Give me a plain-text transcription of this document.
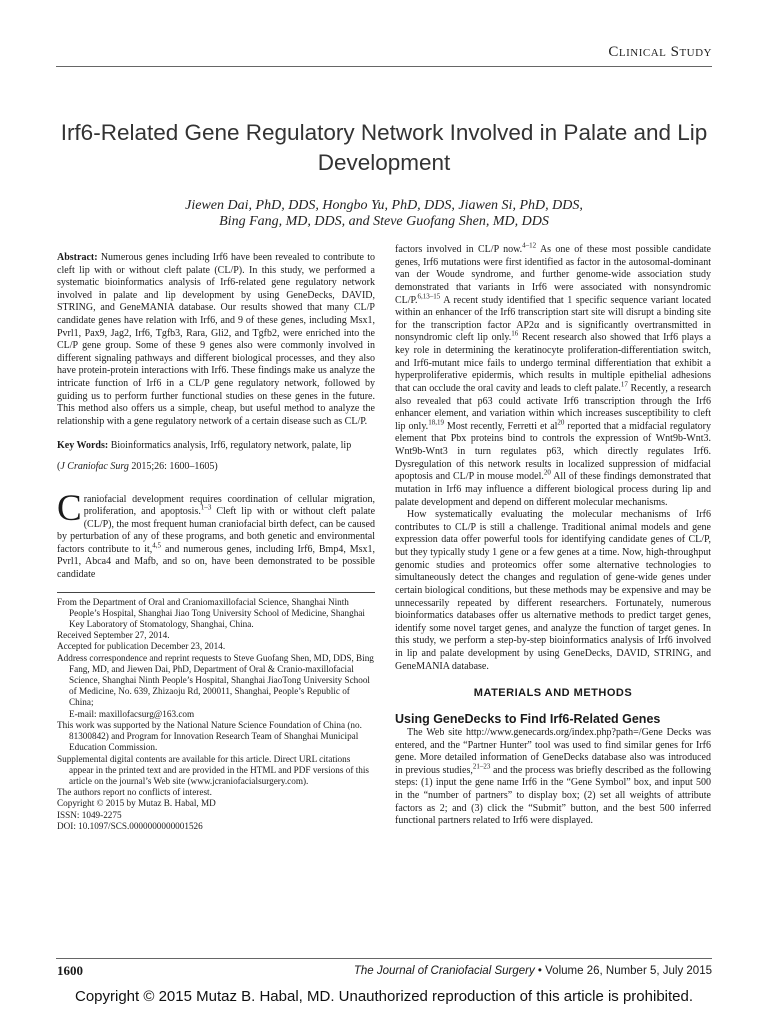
Clinical Study
Irf6-Related Gene Regulatory Network Involved in Palate and Lip Development
Jiewen Dai, PhD, DDS, Hongbo Yu, PhD, DDS, Jiawen Si, PhD, DDS,
Bing Fang, MD, DDS, and Steve Guofang Shen, MD, DDS

Abstract: Numerous genes including Irf6 have been revealed to contribute to cleft lip with or without cleft palate (CL/P). In this study, we performed a systematic bioinformatics analysis of Irf6-related gene regulatory network involved in palate and lip development by using GeneDecks, DAVID, STRING, and GeneMANIA database. Our results showed that many CL/P candidate genes have relation with Irf6, and 9 of these genes, including Msx1, Pvrl1, Pax9, Jag2, Irf6, Tgfb3, Rara, Gli2, and Tgfb2, were enriched into the CL/P gene group. Some of these 9 genes also were commonly involved in different signaling pathways and different biological processes, and they also have protein-protein interactions with Irf6. These findings make us analyze the intricate function of Irf6 in a CL/P gene regulatory network, followed by guiding us to perform further functional studies on these genes in the future. This method also offers us a simple, cheap, but useful method to analyze the relationship with a gene regulatory network of a certain disease such as CL/P.

Key Words: Bioinformatics analysis, Irf6, regulatory network, palate, lip

(J Craniofac Surg 2015;26: 1600–1605)

Craniofacial development requires coordination of cellular migration, proliferation, and apoptosis.$^{1-3}$ Cleft lip with or without cleft palate (CL/P), the most frequent human craniofacial birth defect, can be caused by perturbation of any of these programs, and both genetic and environmental factors contribute to it,$^{4,5}$ and numerous genes, including Irf6, Bmp4, Msx1, Pvrl1, Abca4 and Mafb, and so on, have been demonstrated to be possible candidate

From the Department of Oral and Craniomaxillofacial Science, Shanghai Ninth People’s Hospital, Shanghai Jiao Tong University School of Medicine, Shanghai Key Laboratory of Stomatology, Shanghai, China.
Received September 27, 2014.
Accepted for publication December 23, 2014.
Address correspondence and reprint requests to Steve Guofang Shen, MD, DDS, Bing Fang, MD, and Jiewen Dai, PhD, Department of Oral & Cranio-maxillofacial Science, Shanghai Ninth People’s Hospital, Shanghai JiaoTong University School of Medicine, No. 639, Zhizaoju Rd, 200011, Shanghai, People’s Republic of China;
E-mail: maxillofacsurg@163.com
This work was supported by the National Nature Science Foundation of China (no. 81300842) and Program for Innovation Research Team of Shanghai Municipal Education Commission.
Supplemental digital contents are available for this article. Direct URL citations appear in the printed text and are provided in the HTML and PDF versions of this article on the journal’s Web site (www.jcraniofacialsurgery.com).
The authors report no conflicts of interest.
Copyright © 2015 by Mutaz B. Habal, MD
ISSN: 1049-2275
DOI: 10.1097/SCS.0000000000001526

factors involved in CL/P now.$^{4-12}$ As one of these most possible candidate genes, Irf6 mutations were first identified as factor in the autosomal-dominant van der Woude syndrome, and further genome-wide association study demonstrated that variants in Irf6 were associated with nonsyndromic CL/P.$^{6,13-15}$ A recent study identified that 1 specific sequence variant located within an enhancer of the Irf6 transcription start site will disrupt a binding site for the transcription factor AP2α and is significantly overtransmitted in nonsyndromic cleft lip only.$^{16}$ Recent research also showed that Irf6 plays a key role in determining the keratinocyte proliferation-differentiation switch, and Irf6-mutant mice fails to undergo terminal differentiation that exhibit a hyperproliferative epidermis, which results in multiple epithelial adhesions that can occlude the oral cavity and leads to cleft palate.$^{17}$ Recently, a research also revealed that p63 could activate Irf6 transcription through the Irf6 enhancer element, and variation within which increases susceptibility to cleft lip only.$^{18,19}$ Most recently, Ferretti et $al^{20}$ reported that a midfacial regulatory element that Pbx proteins bind to controls the expression of Wnt9b-Wnt3. Wnt9b-Wnt3 in turn regulates p63, which directly regulates Irf6. Dysregulation of this network results in localized suppression of midfacial apoptosis and CL/P in mouse model.$^{20}$ All of these findings demonstrated that mutation in Irf6 may influence a different biological process during lip and palate development and depend on different molecular mechanisms.

How systematically evaluating the molecular mechanisms of Irf6 contributes to CL/P is still a challenge. Traditional animal models and gene expression data offer powerful tools for identifying candidate genes of CL/P, but they typically study 1 gene or a few genes at a time. Now, high-throughput genomic studies and proteomics offer some alternative technologies to simultaneously detect the changes and regulation of gene-wide genes under certain biological conditions, but these methods may be expensive and may be unnecessarily repeated by different researchers. Fortunately, numerous bioinformatics databases offer us alternative methods to predict target genes, identify some novel target genes, and analyze the function of target genes. In this study, we perform a step-by-step bioinformatics analysis of Irf6 involved in lip and palate development by using GeneDecks, DAVID, STRING, and GeneMANIA database.

MATERIALS AND METHODS
Using GeneDecks to Find Irf6-Related Genes

The Web site http://www.genecards.org/index.php?path=/Gene Decks was entered, and the “Partner Hunter” tool was used to find similar genes for Irf6 gene. More detailed information of GeneDecks database also was introduced in previous studies,$^{21-23}$ and the process was briefly described as the following steps: (1) input the gene name Irf6 in the “Gene Symbol” box, and input 500 in the “number of partners” to display box; (2) set all weights of attribute factors as 2; and (3) click the “Submit” button, and the best 500 inferred functional partners related to Irf6 were displayed.

1600	The Journal of Craniofacial Surgery • Volume 26, Number 5, July 2015
Copyright © 2015 Mutaz B. Habal, MD. Unauthorized reproduction of this article is prohibited.
